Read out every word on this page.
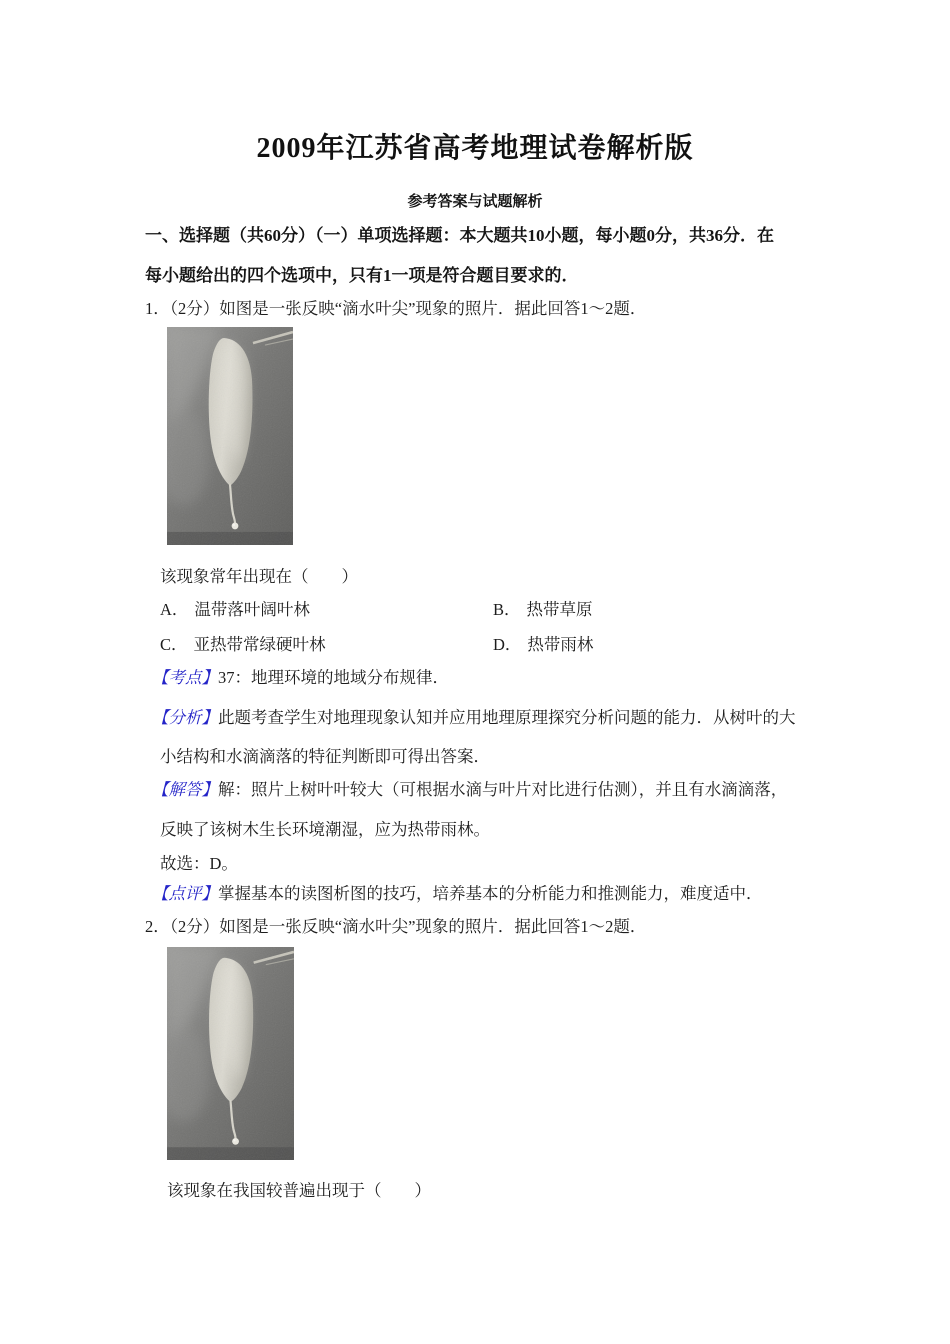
2009年江苏省高考地理试卷解析版
参考答案与试题解析
一、选择题（共60分）（一）单项选择题：本大题共10小题，每小题0分，共36分．在
每小题给出的四个选项中，只有1一项是符合题目要求的．
1．（2分）如图是一张反映“滴水叶尖”现象的照片．据此回答1～2题．
该现象常年出现在（　　）
A． 温带落叶阔叶林	B． 热带草原
C． 亚热带常绿硬叶林	D． 热带雨林
【考点】37：地理环境的地域分布规律．
【分析】此题考查学生对地理现象认知并应用地理原理探究分析问题的能力．从树叶的大
小结构和水滴滴落的特征判断即可得出答案．
【解答】解：照片上树叶叶较大（可根据水滴与叶片对比进行估测），并且有水滴滴落，
反映了该树木生长环境潮湿，应为热带雨林。
故选：D。
【点评】掌握基本的读图析图的技巧，培养基本的分析能力和推测能力，难度适中．
2．（2分）如图是一张反映“滴水叶尖”现象的照片．据此回答1～2题．
该现象在我国较普遍出现于（　　）
